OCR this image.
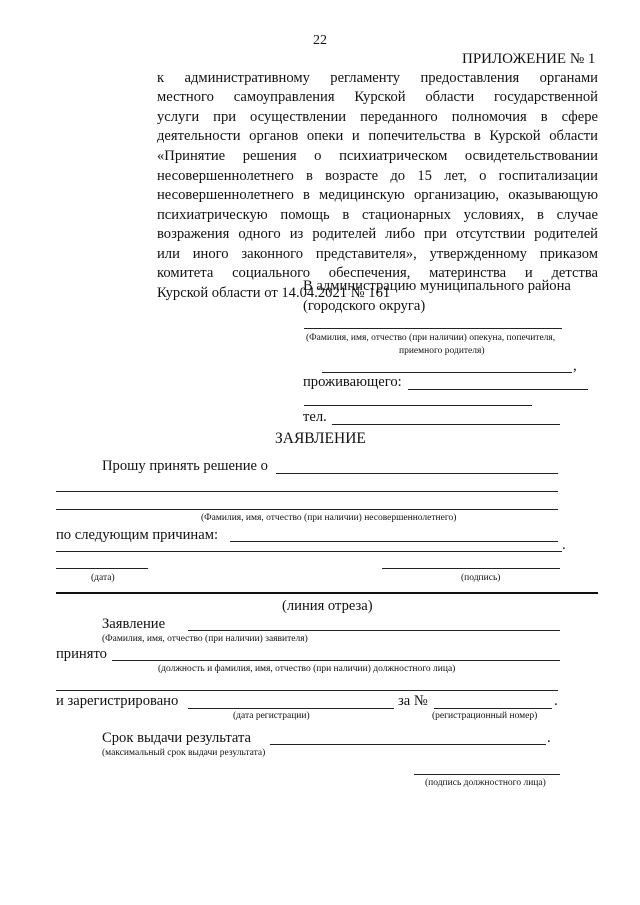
22
ПРИЛОЖЕНИЕ № 1
к административному регламенту предоставления органами
местного самоуправления Курской области государственной
услуги при осуществлении переданного полномочия в сфере
деятельности органов опеки и попечительства в Курской области
«Принятие решения о психиатрическом освидетельствовании
несовершеннолетнего в возрасте до 15 лет, о госпитализации
несовершеннолетнего в медицинскую организацию, оказывающую
психиатрическую помощь в стационарных условиях, в случае
возражения одного из родителей либо при отсутствии родителей
или иного законного представителя», утвержденному приказом
комитета социального обеспечения, материнства и детства
Курской области от 14.04.2021 № 161
В администрацию муниципального района
(городского округа)
(Фамилия, имя, отчество (при наличии) опекуна, попечителя,
приемного родителя)
,
проживающего:
тел.
ЗАЯВЛЕНИЕ
Прошу принять решение о
(Фамилия, имя, отчество (при наличии) несовершеннолетнего)
по следующим причинам:
.
(дата)	(подпись)
(линия отреза)
Заявление
(Фамилия, имя, отчество (при наличии) заявителя)
принято
(должность и фамилия, имя, отчество (при наличии) должностного лица)
и зарегистрировано	за №	.
(дата регистрации)	(регистрационный номер)
Срок выдачи результата	.
(максимальный срок выдачи результата)
(подпись должностного лица)
